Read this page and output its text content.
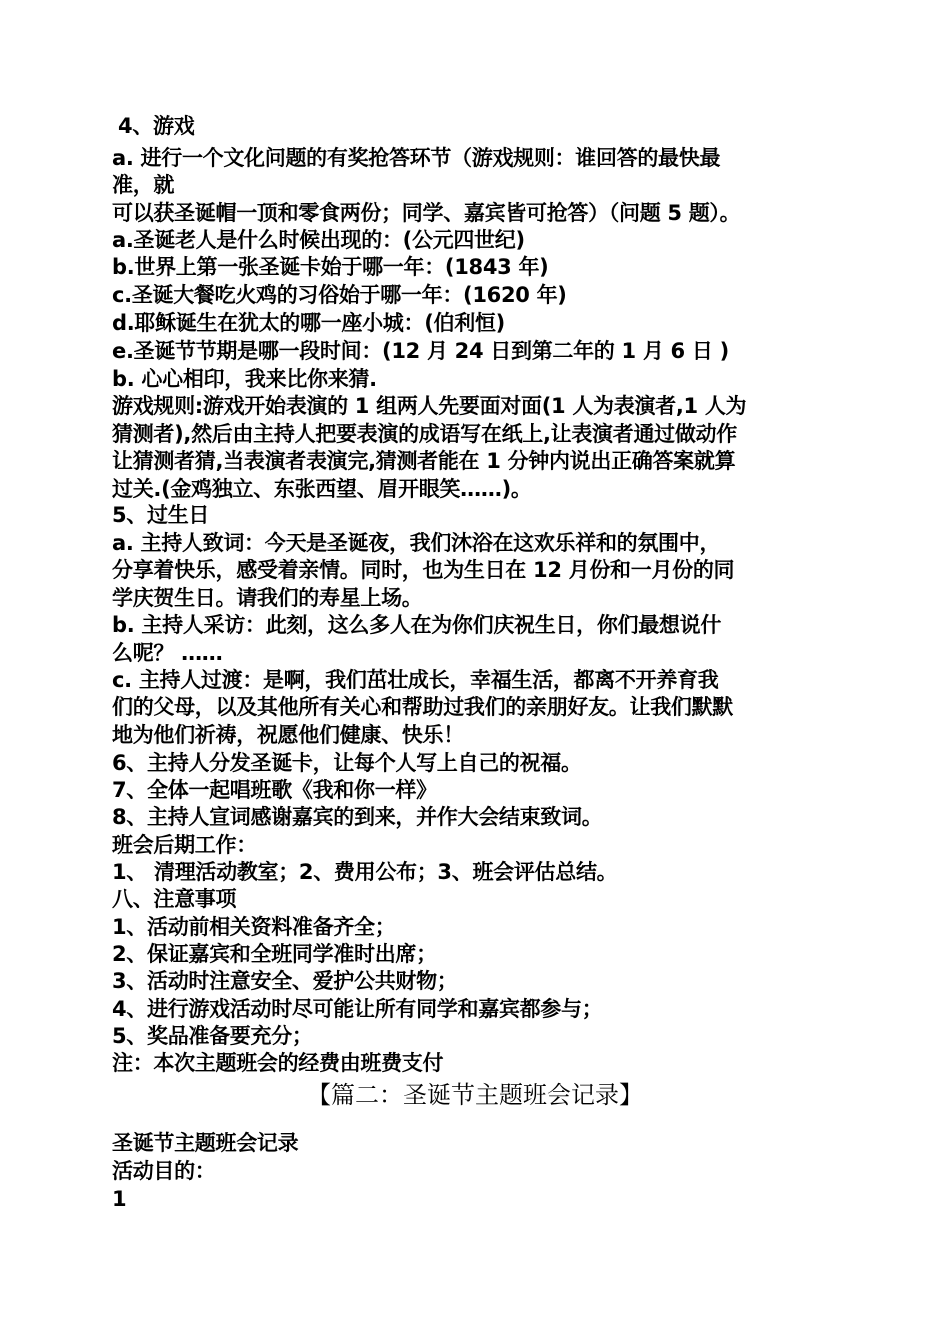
【篇二：圣诞节主题班会记录】
4、游戏
a. 进行一个文化问题的有奖抢答环节（游戏规则：谁回答的最快最
准，就
可以获圣诞帽一顶和零食两份；同学、嘉宾皆可抢答）（问题 5 题）。
a.圣诞老人是什么时候出现的：(公元四世纪)
b.世界上第一张圣诞卡始于哪一年：(1843 年)
c.圣诞大餐吃火鸡的习俗始于哪一年：(1620 年)
d.耶稣诞生在犹太的哪一座小城：(伯利恒)
e.圣诞节节期是哪一段时间：(12 月 24 日到第二年的 1 月 6 日 )
b. 心心相印，我来比你来猜.
游戏规则:游戏开始表演的 1 组两人先要面对面(1 人为表演者,1 人为
猜测者),然后由主持人把要表演的成语写在纸上,让表演者通过做动作
让猜测者猜,当表演者表演完,猜测者能在 1 分钟内说出正确答案就算
过关.(金鸡独立、东张西望、眉开眼笑……)。
5、过生日
a. 主持人致词：今天是圣诞夜，我们沐浴在这欢乐祥和的氛围中，
分享着快乐，感受着亲情。同时，也为生日在 12 月份和一月份的同
学庆贺生日。请我们的寿星上场。
b. 主持人采访：此刻，这么多人在为你们庆祝生日，你们最想说什
么呢？ ……
c. 主持人过渡：是啊，我们茁壮成长，幸福生活，都离不开养育我
们的父母，以及其他所有关心和帮助过我们的亲朋好友。让我们默默
地为他们祈祷，祝愿他们健康、快乐！
6、主持人分发圣诞卡，让每个人写上自己的祝福。
7、全体一起唱班歌《我和你一样》
8、主持人宣词感谢嘉宾的到来，并作大会结束致词。
班会后期工作：
1、 清理活动教室；2、费用公布；3、班会评估总结。
八、注意事项
1、活动前相关资料准备齐全；
2、保证嘉宾和全班同学准时出席；
3、活动时注意安全、爱护公共财物；
4、进行游戏活动时尽可能让所有同学和嘉宾都参与；
5、奖品准备要充分；
注：本次主题班会的经费由班费支付
圣诞节主题班会记录
活动目的：
1
